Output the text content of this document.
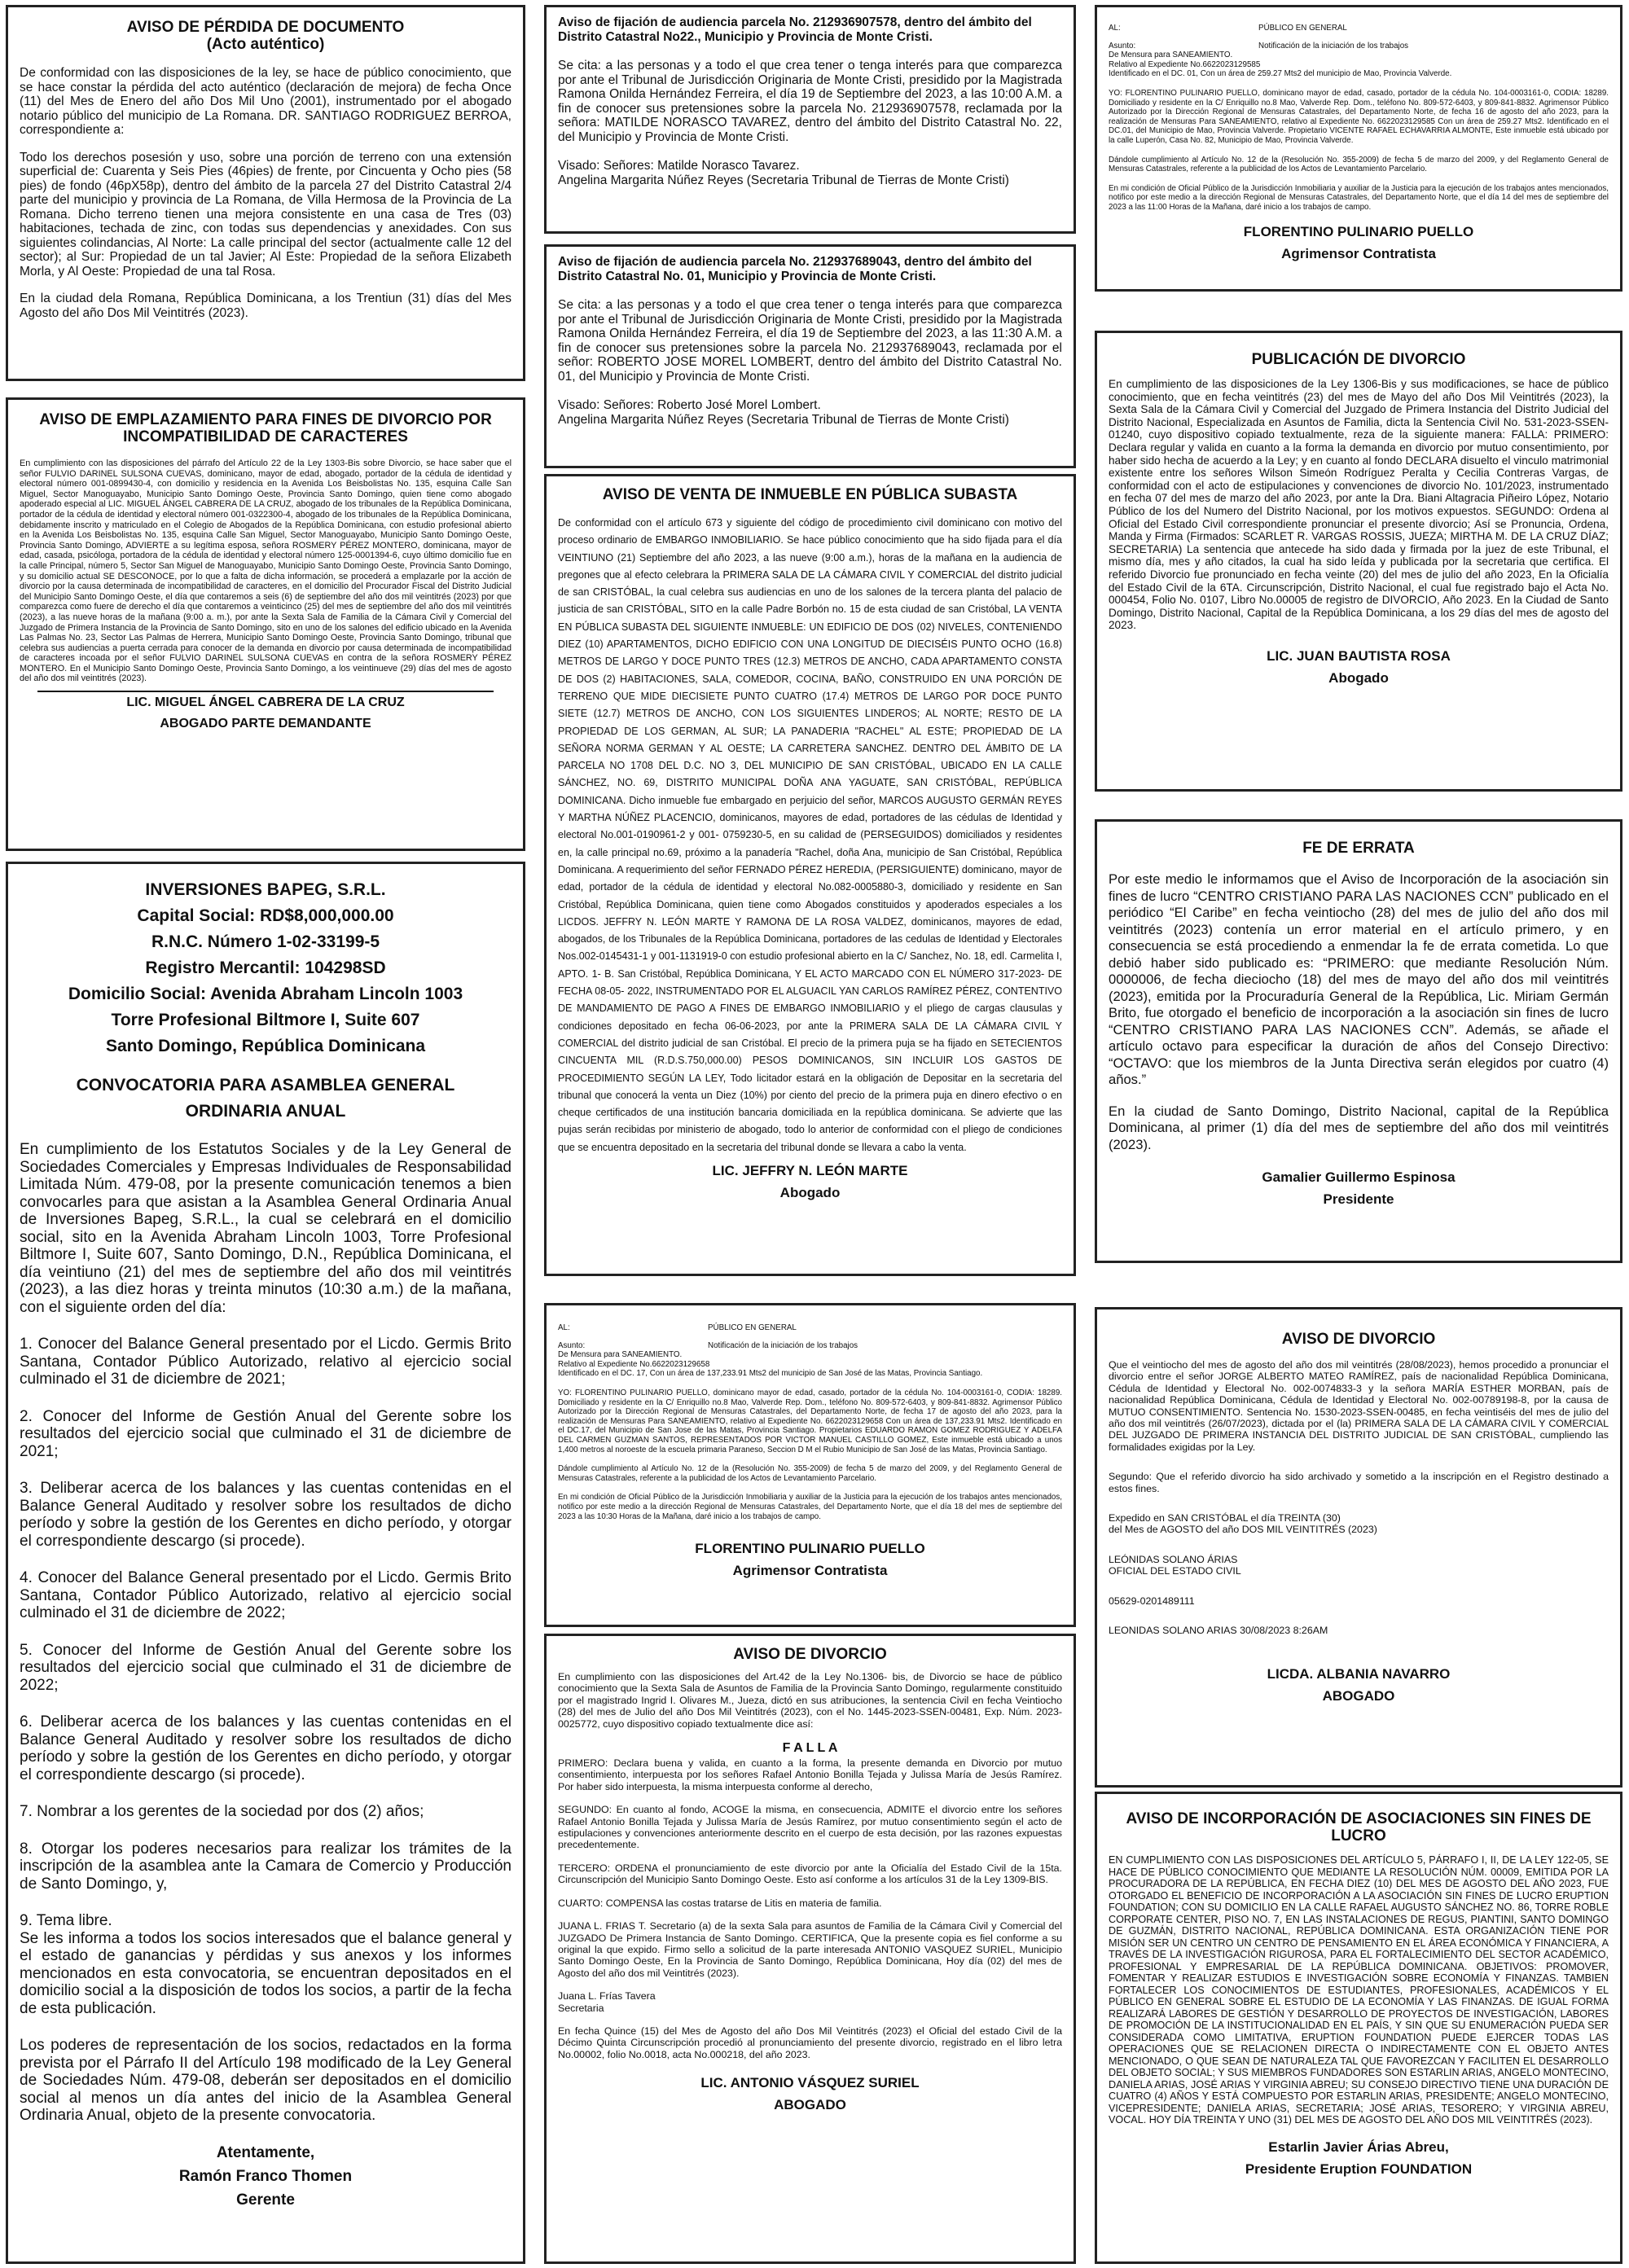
AVISO DE PÉRDIDA DE DOCUMENTO
(Acto auténtico)

De conformidad con las disposiciones de la ley, se hace de público conocimiento, que se hace constar la pérdida del acto auténtico (declaración de mejora) de fecha Once (11) del Mes de Enero del año Dos Mil Uno (2001), instrumentado por el abogado notario público del municipio de La Romana. DR. SANTIAGO RODRIGUEZ BERROA, correspondiente a:

Todo los derechos posesión y uso, sobre una porción de terreno con una extensión superficial de: Cuarenta y Seis Pies (46pies) de frente, por Cincuenta y Ocho pies (58 pies) de fondo (46pX58p), dentro del ámbito de la parcela 27 del Distrito Catastral 2/4 parte del municipio y provincia de La Romana, de Villa Hermosa de la Provincia de La Romana. Dicho terreno tienen una mejora consistente en una casa de Tres (03) habitaciones, techada de zinc, con todas sus dependencias y anexidades. Con sus siguientes colindancias, Al Norte: La calle principal del sector (actualmente calle 12 del sector); al Sur: Propiedad de un tal Javier; Al Este: Propiedad de la señora Elizabeth Morla, y Al Oeste: Propiedad de una tal Rosa.

En la ciudad dela Romana, República Dominicana, a los Trentiun (31) días del Mes Agosto del año Dos Mil Veintitrés (2023).

AVISO DE EMPLAZAMIENTO PARA FINES DE DIVORCIO POR INCOMPATIBILIDAD DE CARACTERES

En cumplimiento con las disposiciones del párrafo del Artículo 22 de la Ley 1303-Bis sobre Divorcio, se hace saber que el señor FULVIO DARINEL SULSONA CUEVAS, dominicano, mayor de edad, abogado, portador de la cédula de identidad y electoral número 001-0899430-4, con domicilio y residencia en la Avenida Los Beisbolistas No. 135, esquina Calle San Miguel, Sector Manoguayabo, Municipio Santo Domingo Oeste, Provincia Santo Domingo, quien tiene como abogado apoderado especial al LIC. MIGUEL ÁNGEL CABRERA DE LA CRUZ, abogado de los tribunales de la República Dominicana, portador de la cédula de identidad y electoral número 001-0322300-4, abogado de los tribunales de la República Dominicana, debidamente inscrito y matriculado en el Colegio de Abogados de la República Dominicana, con estudio profesional abierto en la Avenida Los Beisbolistas No. 135, esquina Calle San Miguel, Sector Manoguayabo, Municipio Santo Domingo Oeste, Provincia Santo Domingo, ADVIERTE a su legítima esposa, señora ROSMERY PÉREZ MONTERO, dominicana, mayor de edad, casada, psicóloga, portadora de la cédula de identidad y electoral número 125-0001394-6, cuyo último domicilio fue en la calle Principal, número 5, Sector San Miguel de Manoguayabo, Municipio Santo Domingo Oeste, Provincia Santo Domingo, y su domicilio actual SE DESCONOCE, por lo que a falta de dicha información, se procederá a emplazarle por la acción de divorcio por la causa determinada de incompatibilidad de caracteres, en el domicilio del Procurador Fiscal del Distrito Judicial del Municipio Santo Domingo Oeste, el día que contaremos a seis (6) de septiembre del año dos mil veintitrés (2023) por que comparezca como fuere de derecho el día que contaremos a veinticinco (25) del mes de septiembre del año dos mil veintitrés (2023), a las nueve horas de la mañana (9:00 a. m.), por ante la Sexta Sala de Familia de la Cámara Civil y Comercial del Juzgado de Primera Instancia de la Provincia de Santo Domingo, sito en uno de los salones del edificio ubicado en la Avenida Las Palmas No. 23, Sector Las Palmas de Herrera, Municipio Santo Domingo Oeste, Provincia Santo Domingo, tribunal que celebra sus audiencias a puerta cerrada para conocer de la demanda en divorcio por causa determinada de incompatibilidad de caracteres incoada por el señor FULVIO DARINEL SULSONA CUEVAS en contra de la señora ROSMERY PÉREZ MONTERO. En el Municipio Santo Domingo Oeste, Provincia Santo Domingo, a los veintinueve (29) días del mes de agosto del año dos mil veintitrés (2023).

LIC. MIGUEL ÁNGEL CABRERA DE LA CRUZ

ABOGADO PARTE DEMANDANTE

INVERSIONES BAPEG, S.R.L.

Capital Social: RD$8,000,000.00

R.N.C. Número 1-02-33199-5

Registro Mercantil: 104298SD

Domicilio Social: Avenida Abraham Lincoln 1003

Torre Profesional Biltmore I, Suite 607

Santo Domingo, República Dominicana

CONVOCATORIA PARA ASAMBLEA GENERAL

ORDINARIA ANUAL

En cumplimiento de los Estatutos Sociales y de la Ley General de Sociedades Comerciales y Empresas Individuales de Responsabilidad Limitada Núm. 479-08, por la presente comunicación tenemos a bien convocarles para que asistan a la Asamblea General Ordinaria Anual de Inversiones Bapeg, S.R.L., la cual se celebrará en el domicilio social, sito en la Avenida Abraham Lincoln 1003, Torre Profesional Biltmore I, Suite 607, Santo Domingo, D.N., República Dominicana, el día veintiuno (21) del mes de septiembre del año dos mil veintitrés (2023), a las diez horas y treinta minutos (10:30 a.m.) de la mañana, con el siguiente orden del día:

1. Conocer del Balance General presentado por el Licdo. Germis Brito Santana, Contador Público Autorizado, relativo al ejercicio social culminado el 31 de diciembre de 2021;

2. Conocer del Informe de Gestión Anual del Gerente sobre los resultados del ejercicio social que culminado el 31 de diciembre de 2021;

3. Deliberar acerca de los balances y las cuentas contenidas en el Balance General Auditado y resolver sobre los resultados de dicho período y sobre la gestión de los Gerentes en dicho período, y otorgar el correspondiente descargo (si procede).

4. Conocer del Balance General presentado por el Licdo. Germis Brito Santana, Contador Público Autorizado, relativo al ejercicio social culminado el 31 de diciembre de 2022;

5. Conocer del Informe de Gestión Anual del Gerente sobre los resultados del ejercicio social que culminado el 31 de diciembre de 2022;

6. Deliberar acerca de los balances y las cuentas contenidas en el Balance General Auditado y resolver sobre los resultados de dicho período y sobre la gestión de los Gerentes en dicho período, y otorgar el correspondiente descargo (si procede).

7. Nombrar a los gerentes de la sociedad por dos (2) años;

8. Otorgar los poderes necesarios para realizar los trámites de la inscripción de la asamblea ante la Camara de Comercio y Producción de Santo Domingo, y,

9. Tema libre.

Se les informa a todos los socios interesados que el balance general y el estado de ganancias y pérdidas y sus anexos y los informes mencionados en esta convocatoria, se encuentran depositados en el domicilio social a la disposición de todos los socios, a partir de la fecha de esta publicación.

Los poderes de representación de los socios, redactados en la forma prevista por el Párrafo II del Artículo 198 modificado de la Ley General de Sociedades Núm. 479-08, deberán ser depositados en el domicilio social al menos un día antes del inicio de la Asamblea General Ordinaria Anual, objeto de la presente convocatoria.

Atentamente,

Ramón Franco Thomen

Gerente

Aviso de fijación de audiencia parcela No. 212936907578, dentro del ámbito del Distrito Catastral No22., Municipio y Provincia de Monte Cristi.

Se cita: a las personas y a todo el que crea tener o tenga interés para que comparezca por ante el Tribunal de Jurisdicción Originaria de Monte Cristi, presidido por la Magistrada Ramona Onilda Hernández Ferreira, el día 19 de Septiembre del 2023, a las 10:00 A.M. a fin de conocer sus pretensiones sobre la parcela No. 212936907578, reclamada por la señora: MATILDE NORASCO TAVAREZ, dentro del ámbito del Distrito Catastral No. 22, del Municipio y Provincia de Monte Cristi.

Visado: Señores: Matilde Norasco Tavarez.
Angelina Margarita Núñez Reyes (Secretaria Tribunal de Tierras de Monte Cristi)

Aviso de fijación de audiencia parcela No. 212937689043, dentro del ámbito del Distrito Catastral No. 01, Municipio y Provincia de Monte Cristi.

Se cita: a las personas y a todo el que crea tener o tenga interés para que comparezca por ante el Tribunal de Jurisdicción Originaria de Monte Cristi, presidido por la Magistrada Ramona Onilda Hernández Ferreira, el día 19 de Septiembre del 2023, a las 11:30 A.M. a fin de conocer sus pretensiones sobre la parcela No. 212937689043, reclamada por el señor: ROBERTO JOSE MOREL LOMBERT, dentro del ámbito del Distrito Catastral No. 01, del Municipio y Provincia de Monte Cristi.

Visado: Señores: Roberto José Morel Lombert.
Angelina Margarita Núñez Reyes (Secretaria Tribunal de Tierras de Monte Cristi)

AVISO DE VENTA DE INMUEBLE EN PÚBLICA SUBASTA

De conformidad con el artículo 673 y siguiente del código de procedimiento civil dominicano con motivo del proceso ordinario de EMBARGO INMOBILIARIO. Se hace público conocimiento que ha sido fijada para el día VEINTIUNO (21) Septiembre del año 2023, a las nueve (9:00 a.m.), horas de la mañana en la audiencia de pregones que al efecto celebrara la PRIMERA SALA DE LA CÁMARA CIVIL Y COMERCIAL del distrito judicial de san CRISTÓBAL, la cual celebra sus audiencias en uno de los salones de la tercera planta del palacio de justicia de san CRISTÓBAL, SITO en la calle Padre Borbón no. 15 de esta ciudad de san Cristóbal, LA VENTA EN PÚBLICA SUBASTA DEL SIGUIENTE INMUEBLE: UN EDIFICIO DE DOS (02) NIVELES, CONTENIENDO DIEZ (10) APARTAMENTOS, DICHO EDIFICIO CON UNA LONGITUD DE DIECISÉIS PUNTO OCHO (16.8) METROS DE LARGO Y DOCE PUNTO TRES (12.3) METROS DE ANCHO, CADA APARTAMENTO CONSTA DE DOS (2) HABITACIONES, SALA, COMEDOR, COCINA, BAÑO, CONSTRUIDO EN UNA PORCIÓN DE TERRENO QUE MIDE DIECISIETE PUNTO CUATRO (17.4) METROS DE LARGO POR DOCE PUNTO SIETE (12.7) METROS DE ANCHO, CON LOS SIGUIENTES LINDEROS; AL NORTE; RESTO DE LA PROPIEDAD DE LOS GERMAN, AL SUR; LA PANADERIA "RACHEL" AL ESTE; PROPIEDAD DE LA SEÑORA NORMA GERMAN Y AL OESTE; LA CARRETERA SANCHEZ. DENTRO DEL ÁMBITO DE LA PARCELA NO 1708 DEL D.C. NO 3, DEL MUNICIPIO DE SAN CRISTÓBAL, UBICADO EN LA CALLE SÁNCHEZ, NO. 69, DISTRITO MUNICIPAL DOÑA ANA YAGUATE, SAN CRISTÓBAL, REPÚBLICA DOMINICANA. Dicho inmueble fue embargado en perjuicio del señor, MARCOS AUGUSTO GERMÁN REYES Y MARTHA NÚÑEZ PLACENCIO, dominicanos, mayores de edad, portadores de las cédulas de Identidad y electoral No.001-0190961-2 y 001- 0759230-5, en su calidad de (PERSEGUIDOS) domiciliados y residentes en, la calle principal no.69, próximo a la panadería "Rachel, doña Ana, municipio de San Cristóbal, República Dominicana. A requerimiento del señor FERNADO PÉREZ HEREDIA, (PERSIGUIENTE) dominicano, mayor de edad, portador de la cédula de identidad y electoral No.082-0005880-3, domiciliado y residente en San Cristóbal, República Dominicana, quien tiene como Abogados constituidos y apoderados especiales a los LICDOS. JEFFRY N. LEÓN MARTE Y RAMONA DE LA ROSA VALDEZ, dominicanos, mayores de edad, abogados, de los Tribunales de la República Dominicana, portadores de las cedulas de Identidad y Electorales Nos.002-0145431-1 y 001-1131919-0 con estudio profesional abierto en la C/ Sanchez, No. 18, edl. Carmelita I, APTO. 1- B. San Cristóbal, República Dominicana, Y EL ACTO MARCADO CON EL NÚMERO 317-2023- DE FECHA 08-05- 2022, INSTRUMENTADO POR EL ALGUACIL YAN CARLOS RAMÍREZ PÉREZ, CONTENTIVO DE MANDAMIENTO DE PAGO A FINES DE EMBARGO INMOBILIARIO y el pliego de cargas clausulas y condiciones depositado en fecha 06-06-2023, por ante la PRIMERA SALA DE LA CÁMARA CIVIL Y COMERCIAL del distrito judicial de san Cristóbal. El precio de la primera puja se ha fijado en SETECIENTOS CINCUENTA MIL (R.D.S.750,000.00) PESOS DOMINICANOS, SIN INCLUIR LOS GASTOS DE PROCEDIMIENTO SEGÚN LA LEY, Todo licitador estará en la obligación de Depositar en la secretaria del tribunal que conocerá la venta un Diez (10%) por ciento del precio de la primera puja en dinero efectivo o en cheque certificados de una institución bancaria domiciliada en la república dominicana. Se advierte que las pujas serán recibidas por ministerio de abogado, todo lo anterior de conformidad con el pliego de condiciones que se encuentra depositado en la secretaria del tribunal donde se llevara a cabo la venta.

LIC. JEFFRY N. LEÓN MARTE

Abogado

AL:	PÚBLICO EN GENERAL
Asunto:	Notificación de la iniciación de los trabajos

De Mensura para SANEAMIENTO.
Relativo al Expediente No.6622023129658
Identificado en el DC. 17, Con un área de 137,233.91 Mts2 del municipio de San José de las Matas, Provincia Santiago.

YO: FLORENTINO PULINARIO PUELLO, dominicano mayor de edad, casado, portador de la cédula No. 104-0003161-0, CODIA: 18289. Domiciliado y residente en la C/ Enriquillo no.8 Mao, Valverde Rep. Dom., teléfono No. 809-572-6403, y 809-841-8832. Agrimensor Público Autorizado por la Dirección Regional de Mensuras Catastrales, del Departamento Norte, de fecha 17 de agosto del año 2023, para la realización de Mensuras Para SANEAMIENTO, relativo al Expediente No. 6622023129658 Con un área de 137,233.91 Mts2. Identificado en el DC.17, del Municipio de San Jose de las Matas, Provincia Santiago. Propietarios EDUARDO RAMON GOMEZ RODRIGUEZ Y ADELFA DEL CARMEN GUZMAN SANTOS, REPRESENTADOS POR VICTOR MANUEL CASTILLO GOMEZ, Este inmueble está ubicado a unos 1,400 metros al noroeste de la escuela primaria Paraneso, Seccion D M el Rubio Municipio de San José de las Matas, Provincia Santiago.

Dándole cumplimiento al Artículo No. 12 de la (Resolución No. 355-2009) de fecha 5 de marzo del 2009, y del Reglamento General de Mensuras Catastrales, referente a la publicidad de los Actos de Levantamiento Parcelario.

En mi condición de Oficial Público de la Jurisdicción Inmobiliaria y auxiliar de la Justicia para la ejecución de los trabajos antes mencionados, notifico por este medio a la dirección Regional de Mensuras Catastrales, del Departamento Norte, que el día 18 del mes de septiembre del 2023 a las 10:30 Horas de la Mañana, daré inicio a los trabajos de campo.

FLORENTINO PULINARIO PUELLO

Agrimensor Contratista

AVISO DE DIVORCIO

En cumplimiento con las disposiciones del Art.42 de la Ley No.1306- bis, de Divorcio se hace de público conocimiento que la Sexta Sala de Asuntos de Familia de la Provincia Santo Domingo, regularmente constituido por el magistrado Ingrid I. Olivares M., Jueza, dictó en sus atribuciones, la sentencia Civil en fecha Veintiocho (28) del mes de Julio del año Dos Mil Veintitrés (2023), con el No. 1445-2023-SSEN-00481, Exp. Núm. 2023-0025772, cuyo dispositivo copiado textualmente dice así:

F A L L A

PRIMERO: Declara buena y valida, en cuanto a la forma, la presente demanda en Divorcio por mutuo consentimiento, interpuesta por los señores Rafael Antonio Bonilla Tejada y Julissa María de Jesús Ramírez. Por haber sido interpuesta, la misma interpuesta conforme al derecho,

SEGUNDO: En cuanto al fondo, ACOGE la misma, en consecuencia, ADMITE el divorcio entre los señores Rafael Antonio Bonilla Tejada y Julissa María de Jesús Ramírez, por mutuo consentimiento según el acto de estipulaciones y convenciones anteriormente descrito en el cuerpo de esta decisión, por las razones expuestas precedentemente.

TERCERO: ORDENA el pronunciamiento de este divorcio por ante la Oficialía del Estado Civil de la 15ta. Circunscripción del Municipio Santo Domingo Oeste. Esto así conforme a los artículos 31 de la Ley 1309-BIS.

CUARTO: COMPENSA las costas tratarse de Litis en materia de familia.

JUANA L. FRIAS T. Secretario (a) de la sexta Sala para asuntos de Familia de la Cámara Civil y Comercial del JUZGADO De Primera Instancia de Santo Domingo. CERTIFICA, Que la presente copia es fiel conforme a su original la que expido. Firmo sello a solicitud de la parte interesada ANTONIO VASQUEZ SURIEL, Municipio Santo Domingo Oeste, En la Provincia de Santo Domingo, República Dominicana, Hoy día (02) del mes de Agosto del año dos mil Veintitrés (2023).

Juana L. Frías Tavera
Secretaria

En fecha Quince (15) del Mes de Agosto del año Dos Mil Veintitrés (2023) el Oficial del estado Civil de la Décimo Quinta Circunscripción procedió al pronunciamiento del presente divorcio, registrado en el libro letra No.00002, folio No.0018, acta No.000218, del año 2023.

LIC. ANTONIO VÁSQUEZ SURIEL

ABOGADO

AL:	PÚBLICO EN GENERAL
Asunto:	Notificación de la iniciación de los trabajos

De Mensura para SANEAMIENTO.
Relativo al Expediente No.6622023129585
Identificado en el DC. 01, Con un área de 259.27 Mts2 del municipio de Mao, Provincia Valverde.

YO: FLORENTINO PULINARIO PUELLO, dominicano mayor de edad, casado, portador de la cédula No. 104-0003161-0, CODIA: 18289. Domiciliado y residente en la C/ Enriquillo no.8 Mao, Valverde Rep. Dom., teléfono No. 809-572-6403, y 809-841-8832. Agrimensor Público Autorizado por la Dirección Regional de Mensuras Catastrales, del Departamento Norte, de fecha 16 de agosto del año 2023, para la realización de Mensuras Para SANEAMIENTO, relativo al Expediente No. 6622023129585 Con un área de 259.27 Mts2. Identificado en el DC.01, del Municipio de Mao, Provincia Valverde. Propietario VICENTE RAFAEL ECHAVARRIA ALMONTE, Este inmueble está ubicado por la calle Luperón, Casa No. 82, Municipio de Mao, Provincia Valverde.

Dándole cumplimiento al Artículo No. 12 de la (Resolución No. 355-2009) de fecha 5 de marzo del 2009, y del Reglamento General de Mensuras Catastrales, referente a la publicidad de los Actos de Levantamiento Parcelario.

En mi condición de Oficial Público de la Jurisdicción Inmobiliaria y auxiliar de la Justicia para la ejecución de los trabajos antes mencionados, notifico por este medio a la dirección Regional de Mensuras Catastrales, del Departamento Norte, que el día 14 del mes de septiembre del 2023 a las 11:00 Horas de la Mañana, daré inicio a los trabajos de campo.

FLORENTINO PULINARIO PUELLO

Agrimensor Contratista

PUBLICACIÓN DE DIVORCIO

En cumplimiento de las disposiciones de la Ley 1306-Bis y sus modificaciones, se hace de público conocimiento, que en fecha veintitrés (23) del mes de Mayo del año Dos Mil Veintitrés (2023), la Sexta Sala de la Cámara Civil y Comercial del Juzgado de Primera Instancia del Distrito Judicial del Distrito Nacional, Especializada en Asuntos de Familia, dicta la Sentencia Civil No. 531-2023-SSEN-01240, cuyo dispositivo copiado textualmente, reza de la siguiente manera: FALLA: PRIMERO: Declara regular y valida en cuanto a la forma la demanda en divorcio por mutuo consentimiento, por haber sido hecha de acuerdo a la Ley; y en cuanto al fondo DECLARA disuelto el vinculo matrimonial existente entre los señores Wilson Simeón Rodríguez Peralta y Cecilia Contreras Vargas, de conformidad con el acto de estipulaciones y convenciones de divorcio No. 101/2023, instrumentado en fecha 07 del mes de marzo del año 2023, por ante la Dra. Biani Altagracia Piñeiro López, Notario Público de los del Numero del Distrito Nacional, por los motivos expuestos. SEGUNDO: Ordena al Oficial del Estado Civil correspondiente pronunciar el presente divorcio; Así se Pronuncia, Ordena, Manda y Firma (Firmados: SCARLET R. VARGAS ROSSIS, JUEZA; MIRTHA M. DE LA CRUZ DÍAZ; SECRETARIA) La sentencia que antecede ha sido dada y firmada por la juez de este Tribunal, el mismo día, mes y año citados, la cual ha sido leída y publicada por la secretaria que certifica. El referido Divorcio fue pronunciado en fecha veinte (20) del mes de julio del año 2023, En la Oficialía del Estado Civil de la 6TA. Circunscripción, Distrito Nacional, el cual fue registrado bajo el Acta No. 000454, Folio No. 0107, Libro No.00005 de registro de DIVORCIO, Año 2023. En la Ciudad de Santo Domingo, Distrito Nacional, Capital de la República Dominicana, a los 29 días del mes de agosto del 2023.

LIC. JUAN BAUTISTA ROSA

Abogado

FE DE ERRATA

Por este medio le informamos que el Aviso de Incorporación de la asociación sin fines de lucro “CENTRO CRISTIANO PARA LAS NACIONES CCN” publicado en el periódico “El Caribe” en fecha veintiocho (28) del mes de julio del año dos mil veintitrés (2023) contenía un error material en el artículo primero, y en consecuencia se está procediendo a enmendar la fe de errata cometida. Lo que debió haber sido publicado es: “PRIMERO: que mediante Resolución Núm. 0000006, de fecha dieciocho (18) del mes de mayo del año dos mil veintitrés (2023), emitida por la Procuraduría General de la República, Lic. Miriam Germán Brito, fue otorgado el beneficio de incorporación a la asociación sin fines de lucro “CENTRO CRISTIANO PARA LAS NACIONES CCN”. Además, se añade el artículo octavo para especificar la duración de años del Consejo Directivo: “OCTAVO: que los miembros de la Junta Directiva serán elegidos por cuatro (4) años.”

En la ciudad de Santo Domingo, Distrito Nacional, capital de la República Dominicana, al primer (1) día del mes de septiembre del año dos mil veintitrés (2023).

Gamalier Guillermo Espinosa

Presidente

AVISO DE DIVORCIO

Que el veintiocho del mes de agosto del año dos mil veintitrés (28/08/2023), hemos procedido a pronunciar el divorcio entre el señor JORGE ALBERTO MATEO RAMÍREZ, país de nacionalidad República Dominicana, Cédula de Identidad y Electoral No. 002-0074833-3 y la señora MARÍA ESTHER MORBAN, país de nacionalidad República Dominicana, Cédula de Identidad y Electoral No. 002-00789198-8, por la causa de MUTUO CONSENTIMIENTO. Sentencia No. 1530-2023-SSEN-00485, en fecha veintiséis del mes de julio del año dos mil veintitrés (26/07/2023), dictada por el (la) PRIMERA SALA DE LA CÁMARA CIVIL Y COMERCIAL DEL JUZGADO DE PRIMERA INSTANCIA DEL DISTRITO JUDICIAL DE SAN CRISTÓBAL, cumpliendo las formalidades exigidas por la Ley.

Segundo: Que el referido divorcio ha sido archivado y sometido a la inscripción en el Registro destinado a estos fines.

Expedido en SAN CRISTÓBAL el día TREINTA (30)
del Mes de AGOSTO del año DOS MIL VEINTITRÉS (2023)

LEÓNIDAS SOLANO ÁRIAS
OFICIAL DEL ESTADO CIVIL

05629-0201489111

LEONIDAS SOLANO ARIAS 30/08/2023 8:26AM

LICDA. ALBANIA NAVARRO

ABOGADO

AVISO DE INCORPORACIÓN DE ASOCIACIONES SIN FINES DE LUCRO

EN CUMPLIMIENTO CON LAS DISPOSICIONES DEL ARTÍCULO 5, PÁRRAFO I, II, DE LA LEY 122-05, SE HACE DE PÚBLICO CONOCIMIENTO QUE MEDIANTE LA RESOLUCIÓN NÚM. 00009, EMITIDA POR LA PROCURADORA DE LA REPÚBLICA, EN FECHA DIEZ (10) DEL MES DE AGOSTO DEL AÑO 2023, FUE OTORGADO EL BENEFICIO DE INCORPORACIÓN A LA ASOCIACIÓN SIN FINES DE LUCRO ERUPTION FOUNDATION; CON SU DOMICILIO EN LA CALLE RAFAEL AUGUSTO SÁNCHEZ NO. 86, TORRE ROBLE CORPORATE CENTER, PISO NO. 7, EN LAS INSTALACIONES DE REGUS, PIANTINI, SANTO DOMINGO DE GUZMÁN, DISTRITO NACIONAL, REPÚBLICA DOMINICANA. ESTA ORGANIZACIÓN TIENE POR MISIÓN SER UN CENTRO UN CENTRO DE PENSAMIENTO EN EL ÁREA ECONÓMICA Y FINANCIERA, A TRAVÉS DE LA INVESTIGACIÓN RIGUROSA, PARA EL FORTALECIMIENTO DEL SECTOR ACADÉMICO, PROFESIONAL Y EMPRESARIAL DE LA REPÚBLICA DOMINICANA. OBJETIVOS: PROMOVER, FOMENTAR Y REALIZAR ESTUDIOS E INVESTIGACIÓN SOBRE ECONOMÍA Y FINANZAS. TAMBIEN FORTALECER LOS CONOCIMIENTOS DE ESTUDIANTES, PROFESIONALES, ACADÉMICOS Y EL PÚBLICO EN GENERAL SOBRE EL ESTUDIO DE LA ECONOMÍA Y LAS FINANZAS. DE IGUAL FORMA REALIZARÁ LABORES DE GESTIÓN Y DESARROLLO DE PROYECTOS DE INVESTIGACIÓN, LABORES DE PROMOCIÓN DE LA INSTITUCIONALIDAD EN EL PAÍS, Y SIN QUE SU ENUMERACIÓN PUEDA SER CONSIDERADA COMO LIMITATIVA, ERUPTION FOUNDATION PUEDE EJERCER TODAS LAS OPERACIONES QUE SE RELACIONEN DIRECTA O INDIRECTAMENTE CON EL OBJETO ANTES MENCIONADO, O QUE SEAN DE NATURALEZA TAL QUE FAVOREZCAN Y FACILITEN EL DESARROLLO DEL OBJETO SOCIAL; Y SUS MIEMBROS FUNDADORES SON ESTARLIN ARIAS, ANGELO MONTECINO, DANIELA ARIAS, JOSÉ ARIAS Y VIRGINIA ABREU; SU CONSEJO DIRECTIVO TIENE UNA DURACIÓN DE CUATRO (4) AÑOS Y ESTÁ COMPUESTO POR ESTARLIN ARIAS, PRESIDENTE; ANGELO MONTECINO, VICEPRESIDENTE; DANIELA ARIAS, SECRETARIA; JOSÉ ARIAS, TESORERO; Y VIRGINIA ABREU, VOCAL. HOY DÍA TREINTA Y UNO (31) DEL MES DE AGOSTO DEL AÑO DOS MIL VEINTITRÉS (2023).

Estarlin Javier Árias Abreu,

Presidente Eruption FOUNDATION
